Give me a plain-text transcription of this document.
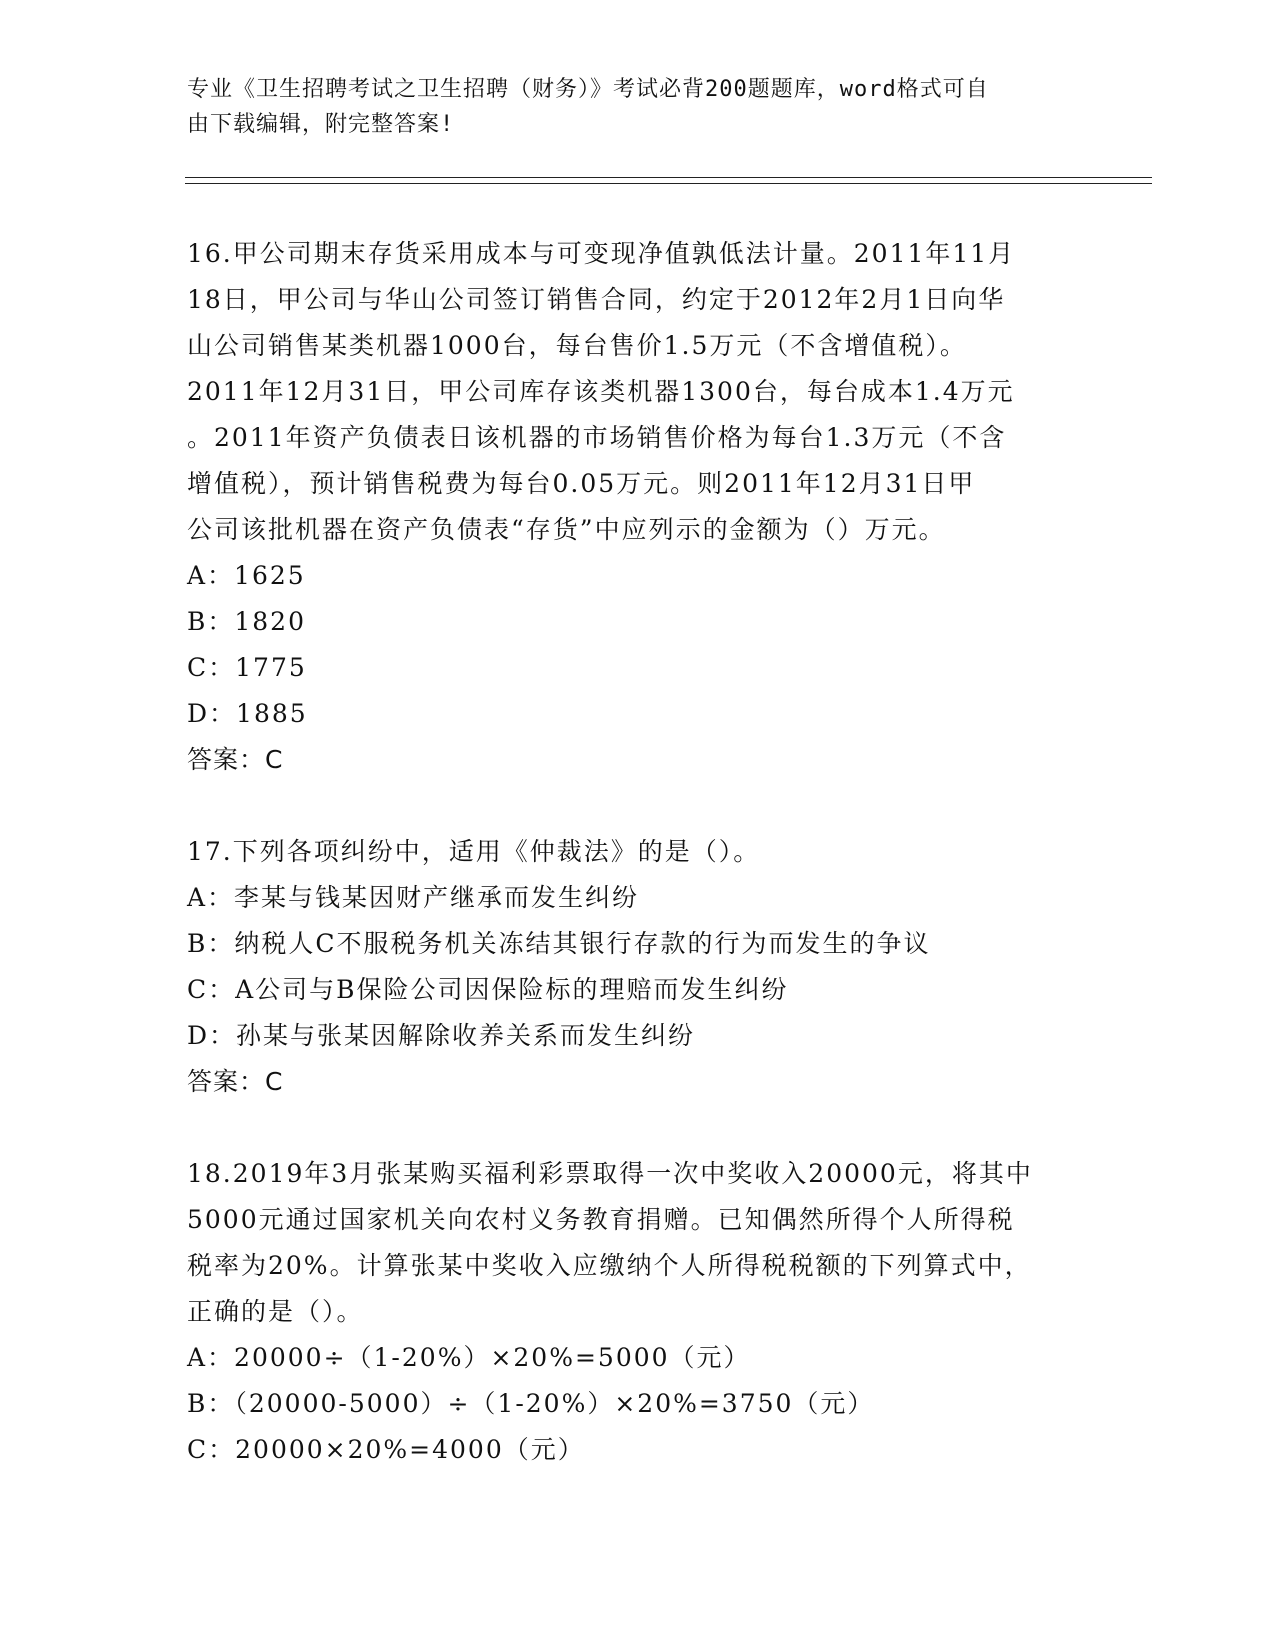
专业《卫生招聘考试之卫生招聘（财务）》考试必背200题题库，word格式可自
由下载编辑，附完整答案!
16.甲公司期末存货采用成本与可变现净值孰低法计量。2011年11月
18日，甲公司与华山公司签订销售合同，约定于2012年2月1日向华
山公司销售某类机器1000台，每台售价1.5万元（不含增值税）。
2011年12月31日，甲公司库存该类机器1300台，每台成本1.4万元
。2011年资产负债表日该机器的市场销售价格为每台1.3万元（不含
增值税），预计销售税费为每台0.05万元。则2011年12月31日甲
公司该批机器在资产负债表“存货”中应列示的金额为（）万元。
A：1625
B：1820
C：1775
D：1885
答案：C
17.下列各项纠纷中，适用《仲裁法》的是（）。
A：李某与钱某因财产继承而发生纠纷
B：纳税人C不服税务机关冻结其银行存款的行为而发生的争议
C：A公司与B保险公司因保险标的理赔而发生纠纷
D：孙某与张某因解除收养关系而发生纠纷
答案：C
18.2019年3月张某购买福利彩票取得一次中奖收入20000元，将其中
5000元通过国家机关向农村义务教育捐赠。已知偶然所得个人所得税
税率为20%。计算张某中奖收入应缴纳个人所得税税额的下列算式中，
正确的是（）。
A：20000÷（1-20%）×20%=5000（元）
B：（20000-5000）÷（1-20%）×20%=3750（元）
C：20000×20%=4000（元）
